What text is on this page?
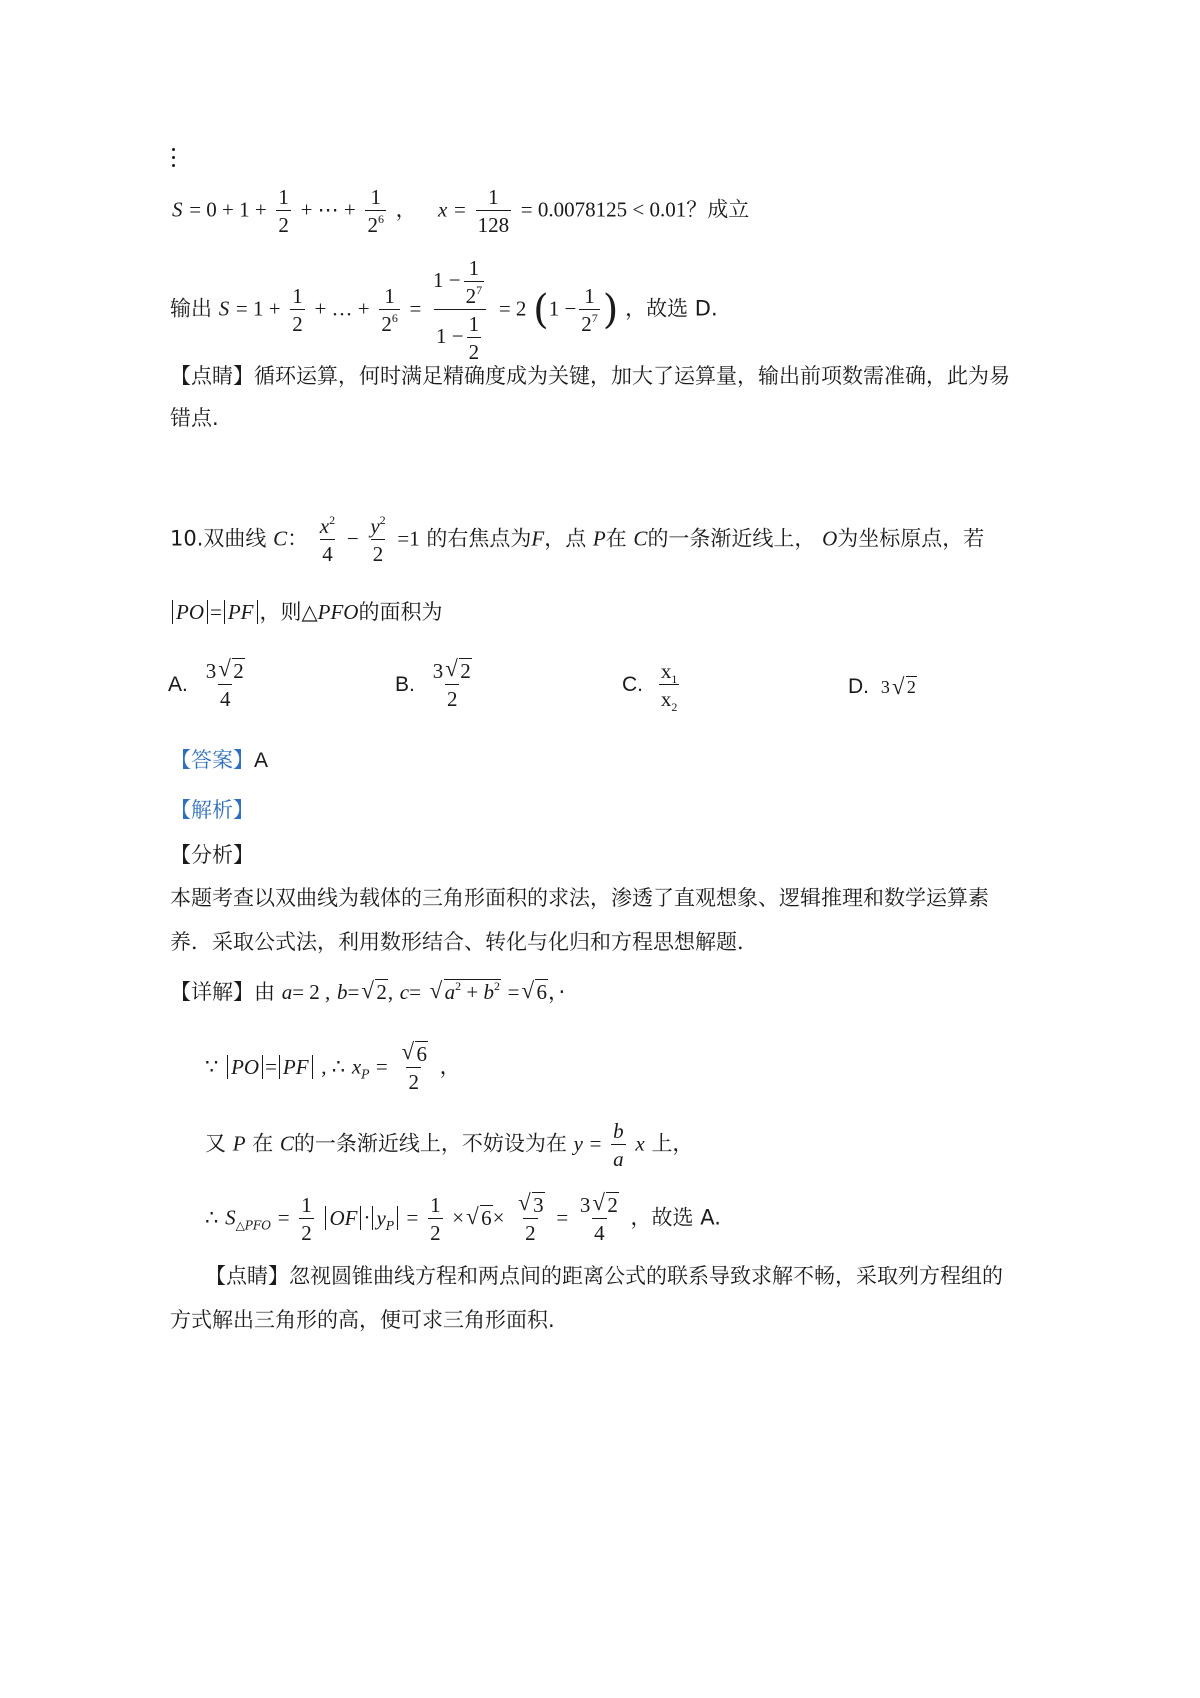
$S = 0 + 1 + \frac{1}{2}$ + ⋯ + $\frac{1}{2^6}$ ， $x = \frac{1}{128} = 0.0078125 < 0.01$？成立
输出 $S = 1 + \frac{1}{2}$ + … + $\frac{1}{2^6} = \frac{1 - \frac{1}{2^7}}{1 - \frac{1}{2}} = 2$ ($1 - \frac{1}{2^7}$ ) ，故选 D.
【点睛】循环运算，何时满足精确度成为关键，加大了运算量，输出前项数需准确，此为易
错点.
10.双曲线 C： $\frac{x^2}{4} - \frac{y^2}{2} =1$ 的右焦点为F，点 P在 C的一条渐近线上， O为坐标原点，若
PO = PF ，则△PFO的面积为
A. $\frac{3 √ 2}{4}$	B. $\frac{3 √ 2}{2}$	C. $\frac{x_1}{x_2}$	D. 3 √ 2
【答案】A
【解析】
【分析】
本题考查以双曲线为载体的三角形面积的求法，渗透了直观想象、逻辑推理和数学运算素
养．采取公式法，利用数形结合、转化与化归和方程思想解题．
【详解】由 a= 2 , b= √ 2, c= √ $a^2 + b^2$ = √ 6，·
∵ PO = PF , ∴ $x_P$ = √ $\frac{6}{2}$ ，
又 P 在 C的一条渐近线上，不妨设为在 $y = \frac{b}{a}$ x 上，
∴ $S_{\triangle PFO} = \frac{1}{2}$ OF · $y_P = \frac{1}{2}$ × √ 6× √ $\frac{3}{2} = \frac{3 √ 2}{4}$ ，故选 A.
【点睛】忽视圆锥曲线方程和两点间的距离公式的联系导致求解不畅，采取列方程组的
方式解出三角形的高，便可求三角形面积.
